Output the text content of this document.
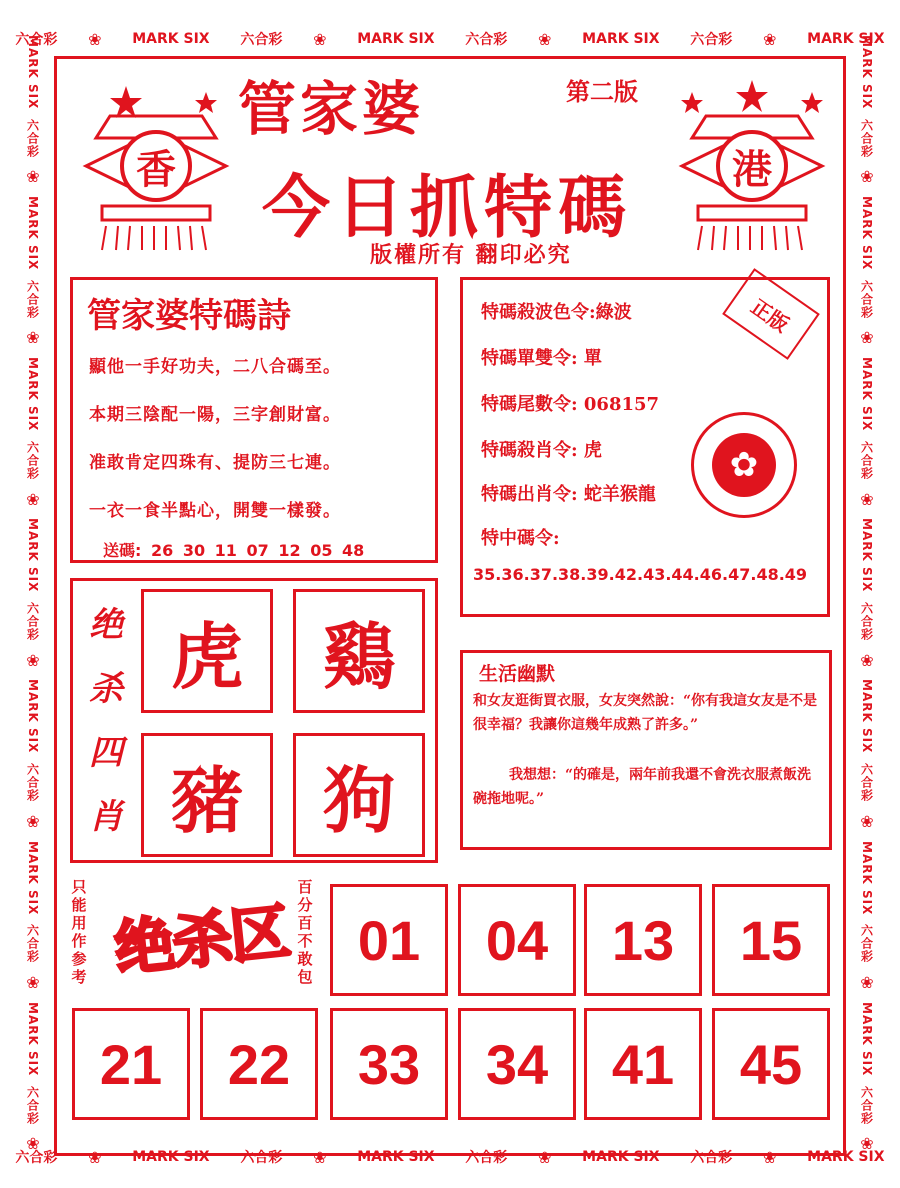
六合彩 ❀ MARK SIX 六合彩 ❀ MARK SIX 六合彩 ❀ MARK SIX 六合彩 ❀ MARK SIX
六合彩 ❀ MARK SIX 六合彩 ❀ MARK SIX 六合彩 ❀ MARK SIX 六合彩 ❀ MARK SIX
MARK SIX
六合彩
❀
MARK SIX
六合彩
❀
MARK SIX
六合彩
❀
MARK SIX
六合彩
❀
MARK SIX
六合彩
❀
MARK SIX
六合彩
❀
MARK SIX
六合彩
❀
MARK SIX
六合彩
❀
MARK SIX
六合彩
❀
MARK SIX
六合彩
❀
MARK SIX
六合彩
❀
MARK SIX
六合彩
❀
MARK SIX
六合彩
❀
MARK SIX
六合彩
❀
香	港
管家婆	第二版
今日抓特碼
版權所有 翻印必究
管家婆特碼詩
顯他一手好功夫，二八合碼至。
本期三陰配一陽，三字創財富。
准敢肯定四珠有、提防三七連。
一衣一食半點心，開雙一樣發。
送碼: 26 30 11 07 12 05 48
正版
✿
特碼殺波色令:綠波
特碼單雙令: 單
特碼尾數令: 068157
特碼殺肖令: 虎
特碼出肖令: 蛇羊猴龍
特中碼令:
35.36.37.38.39.42.43.44.46.47.48.49
绝
杀
四
肖
虎	鷄
豬	狗
生活幽默
和女友逛街買衣服，女友突然說：“你有我這女友是不是很幸福？我讓你這幾年成熟了許多。”
我想想：“的確是，兩年前我還不會洗衣服煮飯洗碗拖地呢。”
只能用作参考 绝杀区
百分百不敢包
01	04	13	15
21	22	33	34	41	45
